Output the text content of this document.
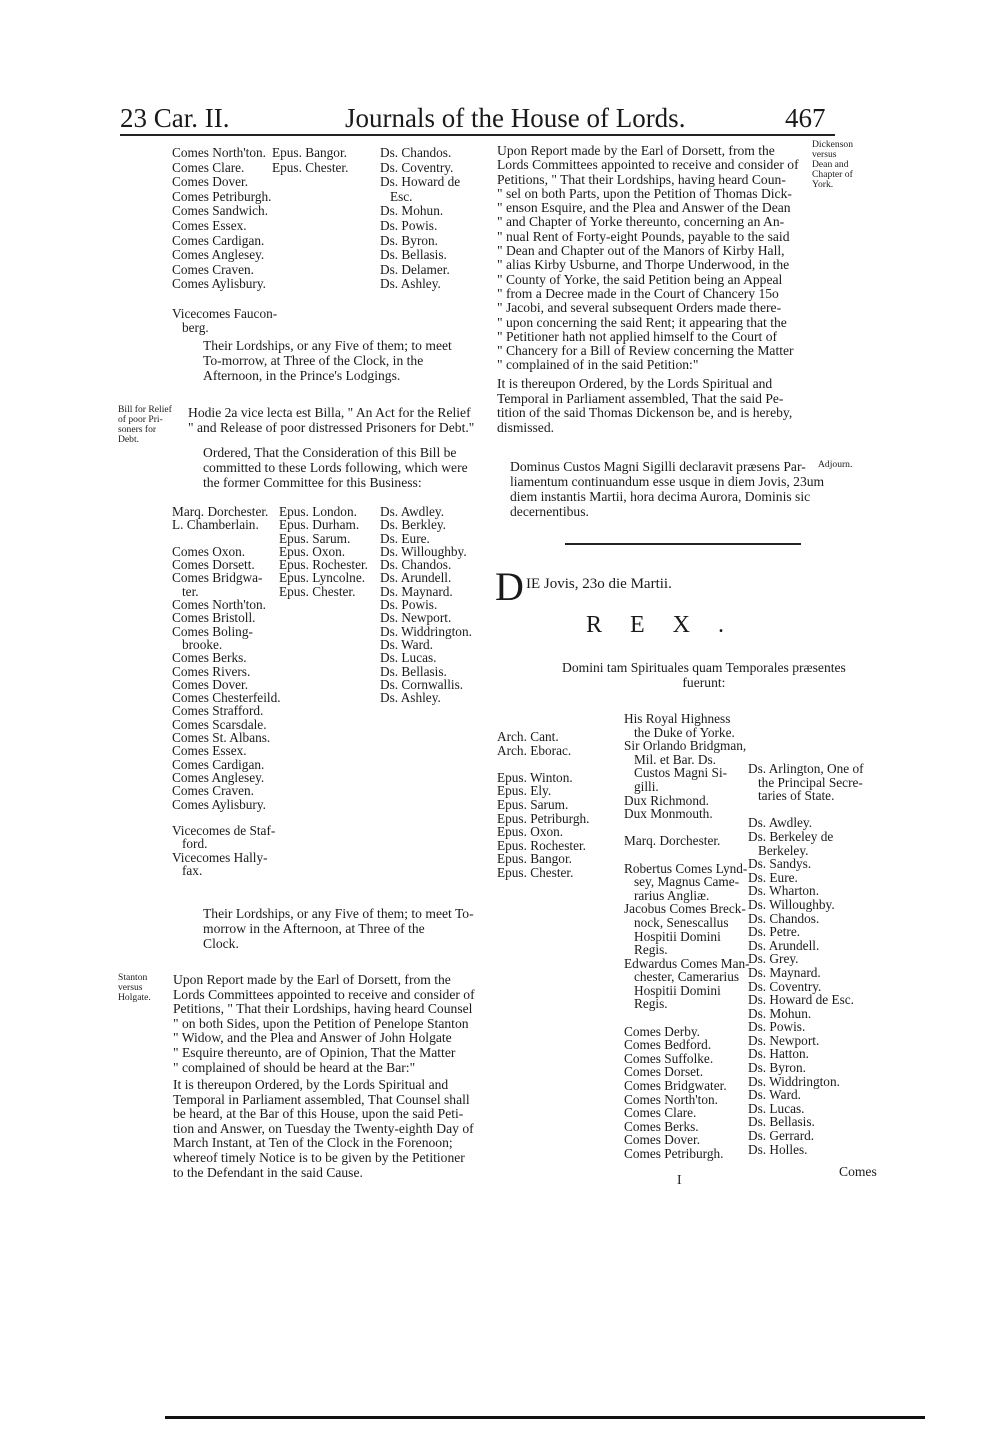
23 Car. II.	Journals of the House of Lords.	467
Comes North'ton.
Comes Clare.
Comes Dover.
Comes Petriburgh.
Comes Sandwich.
Comes Essex.
Comes Cardigan.
Comes Anglesey.
Comes Craven.
Comes Aylisbury.

Vicecomes Faucon-
berg.
Epus. Bangor.
Epus. Chester.
Ds. Chandos.
Ds. Coventry.
Ds. Howard de
Esc.
Ds. Mohun.
Ds. Powis.
Ds. Byron.
Ds. Bellasis.
Ds. Delamer.
Ds. Ashley.
Their Lordships, or any Five of them; to meet
To-morrow, at Three of the Clock, in the
Afternoon, in the Prince's Lodgings.
Bill for Relief
of poor Pri-
soners for
Debt.
Hodie 2a vice lecta est Billa, " An Act for the Relief
" and Release of poor distressed Prisoners for Debt."
Ordered, That the Consideration of this Bill be
committed to these Lords following, which were
the former Committee for this Business:
Marq. Dorchester.
L. Chamberlain.

Comes Oxon.
Comes Dorsett.
Comes Bridgwa-
ter.
Comes North'ton.
Comes Bristoll.
Comes Boling-
brooke.
Comes Berks.
Comes Rivers.
Comes Dover.
Comes Chesterfeild.
Comes Strafford.
Comes Scarsdale.
Comes St. Albans.
Comes Essex.
Comes Cardigan.
Comes Anglesey.
Comes Craven.
Comes Aylisbury.

Vicecomes de Staf-
ford.
Vicecomes Hally-
fax.
Epus. London.
Epus. Durham.
Epus. Sarum.
Epus. Oxon.
Epus. Rochester.
Epus. Lyncolne.
Epus. Chester.
Ds. Awdley.
Ds. Berkley.
Ds. Eure.
Ds. Willoughby.
Ds. Chandos.
Ds. Arundell.
Ds. Maynard.
Ds. Powis.
Ds. Newport.
Ds. Widdrington.
Ds. Ward.
Ds. Lucas.
Ds. Bellasis.
Ds. Cornwallis.
Ds. Ashley.
Their Lordships, or any Five of them; to meet To-
morrow in the Afternoon, at Three of the
Clock.
Stanton
versus
Holgate.
Upon Report made by the Earl of Dorsett, from the
Lords Committees appointed to receive and consider of
Petitions, " That their Lordships, having heard Counsel
" on both Sides, upon the Petition of Penelope Stanton
" Widow, and the Plea and Answer of John Holgate
" Esquire thereunto, are of Opinion, That the Matter
" complained of should be heard at the Bar:"
It is thereupon Ordered, by the Lords Spiritual and
Temporal in Parliament assembled, That Counsel shall
be heard, at the Bar of this House, upon the said Peti-
tion and Answer, on Tuesday the Twenty-eighth Day of
March Instant, at Ten of the Clock in the Forenoon;
whereof timely Notice is to be given by the Petitioner
to the Defendant in the said Cause.
Dickenson
versus
Dean and
Chapter of
York.
Upon Report made by the Earl of Dorsett, from the
Lords Committees appointed to receive and consider of
Petitions, " That their Lordships, having heard Coun-
" sel on both Parts, upon the Petition of Thomas Dick-
" enson Esquire, and the Plea and Answer of the Dean
" and Chapter of Yorke thereunto, concerning an An-
" nual Rent of Forty-eight Pounds, payable to the said
" Dean and Chapter out of the Manors of Kirby Hall,
" alias Kirby Usburne, and Thorpe Underwood, in the
" County of Yorke, the said Petition being an Appeal
" from a Decree made in the Court of Chancery 15o
" Jacobi, and several subsequent Orders made there-
" upon concerning the said Rent; it appearing that the
" Petitioner hath not applied himself to the Court of
" Chancery for a Bill of Review concerning the Matter
" complained of in the said Petition:"
It is thereupon Ordered, by the Lords Spiritual and
Temporal in Parliament assembled, That the said Pe-
tition of the said Thomas Dickenson be, and is hereby,
dismissed.
Adjourn.
Dominus Custos Magni Sigilli declaravit præsens Par-
liamentum continuandum esse usque in diem Jovis, 23um
diem instantis Martii, hora decima Aurora, Dominis sic
decernentibus.
D IE Jovis, 23o die Martii.
REX.
Domini tam Spirituales quam Temporales præsentes
fuerunt:
Arch. Cant.
Arch. Eborac.

Epus. Winton.
Epus. Ely.
Epus. Sarum.
Epus. Petriburgh.
Epus. Oxon.
Epus. Rochester.
Epus. Bangor.
Epus. Chester.
His Royal Highness
the Duke of Yorke.
Sir Orlando Bridgman,
Mil. et Bar. Ds.
Custos Magni Si-
gilli.
Dux Richmond.
Dux Monmouth.

Marq. Dorchester.

Robertus Comes Lynd-
sey, Magnus Came-
rarius Angliæ.
Jacobus Comes Breck-
nock, Senescallus
Hospitii Domini
Regis.
Edwardus Comes Man-
chester, Camerarius
Hospitii Domini
Regis.

Comes Derby.
Comes Bedford.
Comes Suffolke.
Comes Dorset.
Comes Bridgwater.
Comes North'ton.
Comes Clare.
Comes Berks.
Comes Dover.
Comes Petriburgh.
Ds. Arlington, One of
the Principal Secre-
taries of State.

Ds. Awdley.
Ds. Berkeley de
Berkeley.
Ds. Sandys.
Ds. Eure.
Ds. Wharton.
Ds. Willoughby.
Ds. Chandos.
Ds. Petre.
Ds. Arundell.
Ds. Grey.
Ds. Maynard.
Ds. Coventry.
Ds. Howard de Esc.
Ds. Mohun.
Ds. Powis.
Ds. Newport.
Ds. Hatton.
Ds. Byron.
Ds. Widdrington.
Ds. Ward.
Ds. Lucas.
Ds. Bellasis.
Ds. Gerrard.
Ds. Holles.
I
Comes
